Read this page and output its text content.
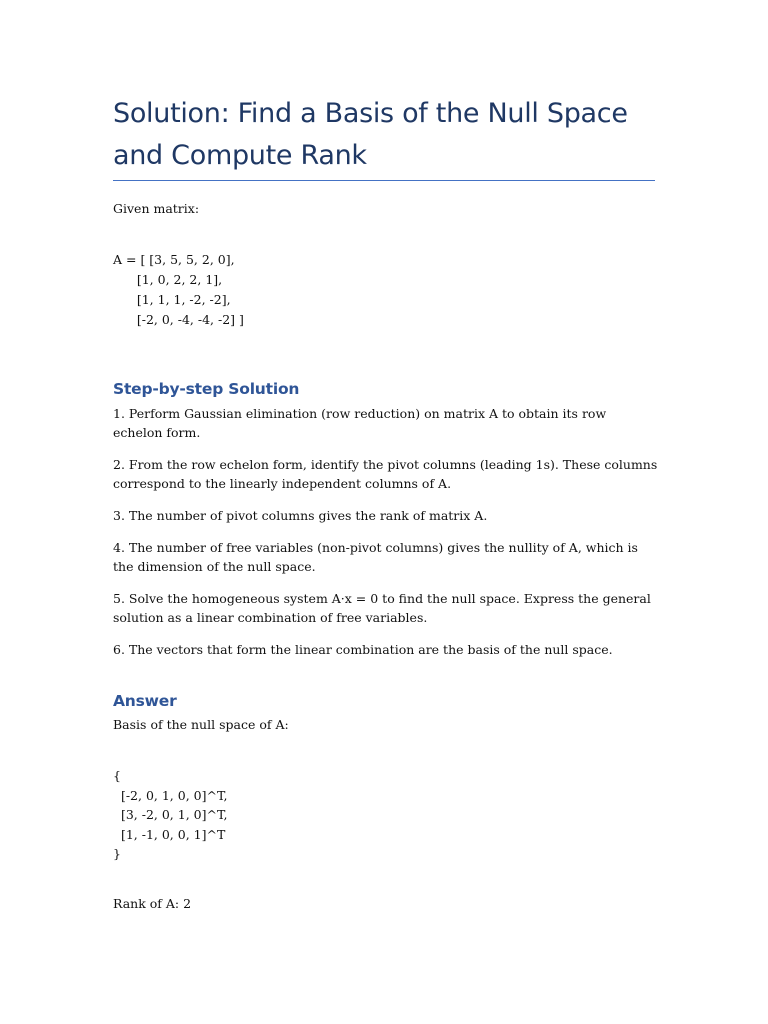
Solution: Find a Basis of the Null Space and Compute Rank
Given matrix:
A = [ [3, 5, 5, 2, 0],
[1, 0, 2, 2, 1],
[1, 1, 1, -2, -2],
[-2, 0, -4, -4, -2] ]
Step-by-step Solution
1. Perform Gaussian elimination (row reduction) on matrix A to obtain its row echelon form.
2. From the row echelon form, identify the pivot columns (leading 1s). These columns correspond to the linearly independent columns of A.
3. The number of pivot columns gives the rank of matrix A.
4. The number of free variables (non-pivot columns) gives the nullity of A, which is the dimension of the null space.
5. Solve the homogeneous system A·x = 0 to find the null space. Express the general solution as a linear combination of free variables.
6. The vectors that form the linear combination are the basis of the null space.
Answer
Basis of the null space of A:
{
[-2, 0, 1, 0, 0]^T,
[3, -2, 0, 1, 0]^T,
[1, -1, 0, 0, 1]^T
}
Rank of A: 2
